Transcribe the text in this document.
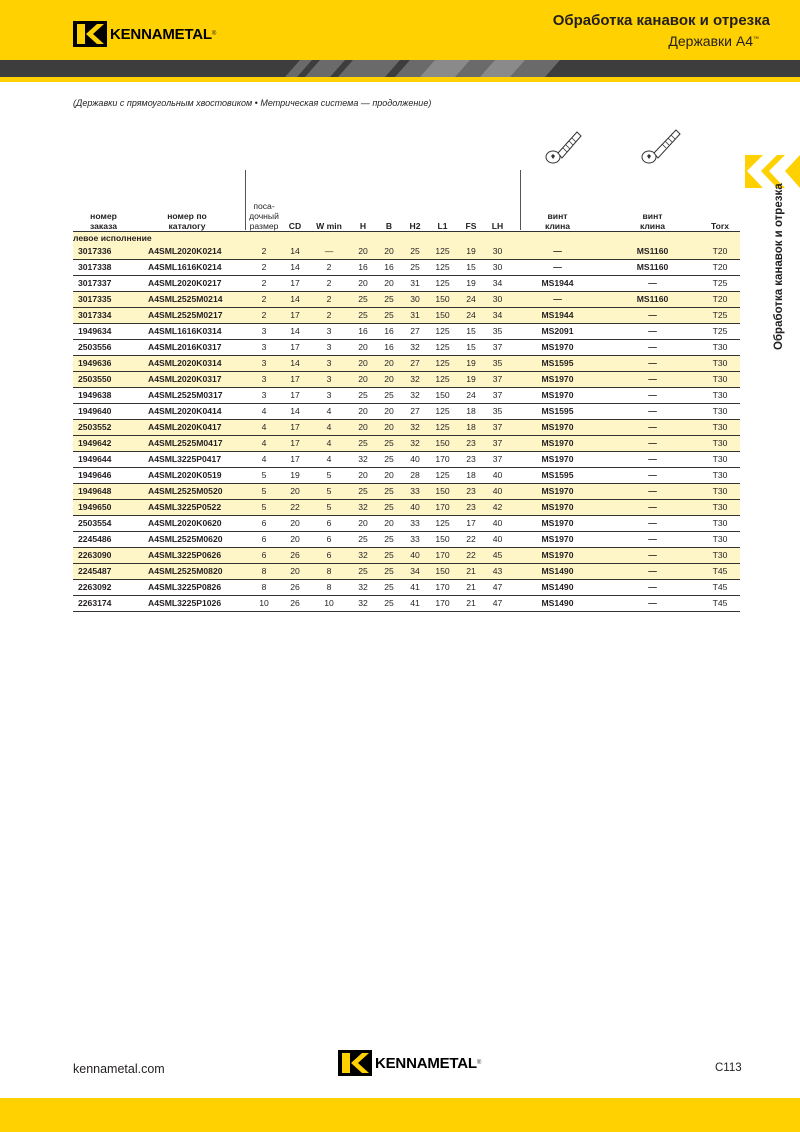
KENNAMETAL ®
Обработка канавок и отрезка
Державки A4™
(Державки с прямоугольным хвостовиком • Метрическая система — продолжение)
Обработка канавок и отрезка
номер заказа	номер по каталогу	поса-дочный размер	CD	W min	H	B	H2	L1	FS	LH	винт клина	винт клина	Torx
левое исполнение													
3017336	A4SML2020K0214	2	14	—	20	20	25	125	19	30	—	MS1160	T20
3017338	A4SML1616K0214	2	14	2	16	16	25	125	15	30	—	MS1160	T20
3017337	A4SML2020K0217	2	17	2	20	20	31	125	19	34	MS1944	—	T25
3017335	A4SML2525M0214	2	14	2	25	25	30	150	24	30	—	MS1160	T20
3017334	A4SML2525M0217	2	17	2	25	25	31	150	24	34	MS1944	—	T25
1949634	A4SML1616K0314	3	14	3	16	16	27	125	15	35	MS2091	—	T25
2503556	A4SML2016K0317	3	17	3	20	16	32	125	15	37	MS1970	—	T30
1949636	A4SML2020K0314	3	14	3	20	20	27	125	19	35	MS1595	—	T30
2503550	A4SML2020K0317	3	17	3	20	20	32	125	19	37	MS1970	—	T30
1949638	A4SML2525M0317	3	17	3	25	25	32	150	24	37	MS1970	—	T30
1949640	A4SML2020K0414	4	14	4	20	20	27	125	18	35	MS1595	—	T30
2503552	A4SML2020K0417	4	17	4	20	20	32	125	18	37	MS1970	—	T30
1949642	A4SML2525M0417	4	17	4	25	25	32	150	23	37	MS1970	—	T30
1949644	A4SML3225P0417	4	17	4	32	25	40	170	23	37	MS1970	—	T30
1949646	A4SML2020K0519	5	19	5	20	20	28	125	18	40	MS1595	—	T30
1949648	A4SML2525M0520	5	20	5	25	25	33	150	23	40	MS1970	—	T30
1949650	A4SML3225P0522	5	22	5	32	25	40	170	23	42	MS1970	—	T30
2503554	A4SML2020K0620	6	20	6	20	20	33	125	17	40	MS1970	—	T30
2245486	A4SML2525M0620	6	20	6	25	25	33	150	22	40	MS1970	—	T30
2263090	A4SML3225P0626	6	26	6	32	25	40	170	22	45	MS1970	—	T30
2245487	A4SML2525M0820	8	20	8	25	25	34	150	21	43	MS1490	—	T45
2263092	A4SML3225P0826	8	26	8	32	25	41	170	21	47	MS1490	—	T45
2263174	A4SML3225P1026	10	26	10	32	25	41	170	21	47	MS1490	—	T45
kennametal.com	KENNAMETAL ®	C113
